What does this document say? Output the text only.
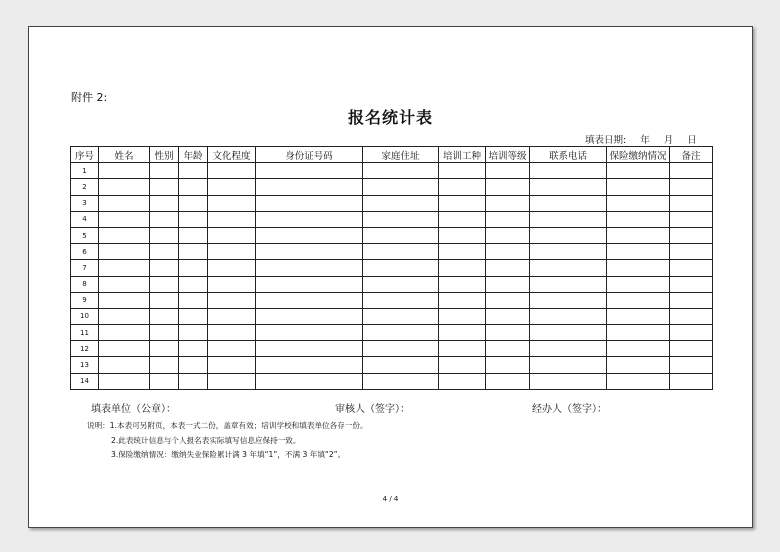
附件 2:
报名统计表
填表日期: 年 月 日
序号	姓名	性别	年龄	文化程度	身份证号码	家庭住址	培训工种	培训等级	联系电话	保险缴纳情况	备注
1											
2											
3											
4											
5											
6											
7											
8											
9											
10											
11											
12											
13											
14											
填表单位（公章）：	审核人（签字）：	经办人（签字）：
说明：1.本表可另附页，本表一式二份，盖章有效；培训学校和填表单位各存一份。
2.此表统计信息与个人报名表实际填写信息应保持一致。
3.保险缴纳情况：缴纳失业保险累计满 3 年填“1”，不满 3 年填“2”。
4 / 4
